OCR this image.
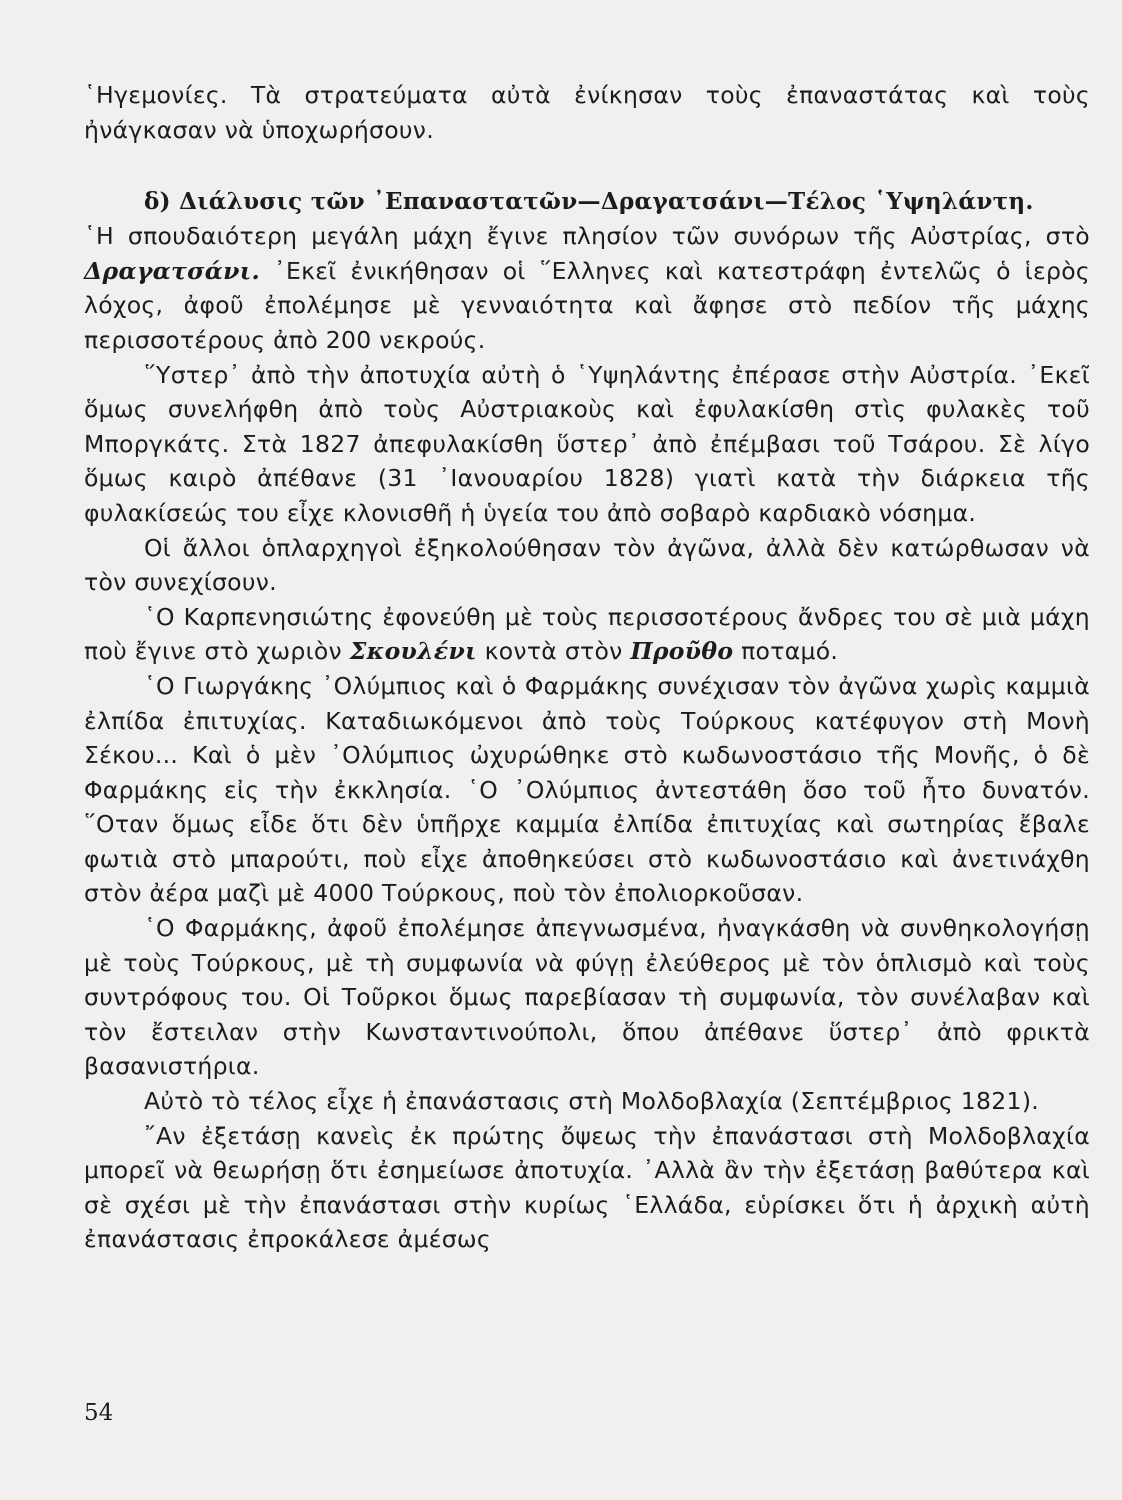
῾Ηγεμονίες. Τὰ στρατεύματα αὐτὰ ἐνίκησαν τοὺς ἐπαναστάτας καὶ τοὺς ἠνάγκασαν νὰ ὑποχωρήσουν.

δ) Διάλυσις τῶν ᾿Επαναστατῶν—Δραγατσάνι—Τέλος ῾Υψηλάντη.

῾Η σπουδαιότερη μεγάλη μάχη ἔγινε πλησίον τῶν συνόρων τῆς Αὐστρίας, στὸ Δραγατσάνι. ᾿Εκεῖ ἐνικήθησαν οἱ ῞Ελληνες καὶ κατεστράφη ἐντελῶς ὁ ἱερὸς λόχος, ἀφοῦ ἐπολέμησε μὲ γενναιότητα καὶ ἄφησε στὸ πεδίον τῆς μάχης περισσοτέρους ἀπὸ 200 νεκρούς.

῞Υστερ᾿ ἀπὸ τὴν ἀποτυχία αὐτὴ ὁ ῾Υψηλάντης ἐπέρασε στὴν Αὐστρία. ᾿Εκεῖ ὅμως συνελήφθη ἀπὸ τοὺς Αὐστριακοὺς καὶ ἐφυλακίσθη στὶς φυλακὲς τοῦ Μποργκάτς. Στὰ 1827 ἀπεφυλακίσθη ὕστερ᾿ ἀπὸ ἐπέμβασι τοῦ Τσάρου. Σὲ λίγο ὅμως καιρὸ ἀπέθανε (31 ᾿Ιανουαρίου 1828) γιατὶ κατὰ τὴν διάρκεια τῆς φυλακίσεώς του εἶχε κλονισθῆ ἡ ὑγεία του ἀπὸ σοβαρὸ καρδιακὸ νόσημα.

Οἱ ἄλλοι ὁπλαρχηγοὶ ἐξηκολούθησαν τὸν ἀγῶνα, ἀλλὰ δὲν κατώρθωσαν νὰ τὸν συνεχίσουν.

῾Ο Καρπενησιώτης ἐφονεύθη μὲ τοὺς περισσοτέρους ἄνδρες του σὲ μιὰ μάχη ποὺ ἔγινε στὸ χωριὸν Σκουλένι κοντὰ στὸν Προῦθο ποταμό.

῾Ο Γιωργάκης ᾿Ολύμπιος καὶ ὁ Φαρμάκης συνέχισαν τὸν ἀγῶνα χωρὶς καμμιὰ ἐλπίδα ἐπιτυχίας. Καταδιωκόμενοι ἀπὸ τοὺς Τούρκους κατέφυγον στὴ Μονὴ Σέκου... Καὶ ὁ μὲν ᾿Ολύμπιος ὠχυρώθηκε στὸ κωδωνοστάσιο τῆς Μονῆς, ὁ δὲ Φαρμάκης εἰς τὴν ἐκκλησία. ῾Ο ᾿Ολύμπιος ἀντεστάθη ὅσο τοῦ ἦτο δυνατόν. ῞Οταν ὅμως εἶδε ὅτι δὲν ὑπῆρχε καμμία ἐλπίδα ἐπιτυχίας καὶ σωτηρίας ἔβαλε φωτιὰ στὸ μπαρούτι, ποὺ εἶχε ἀποθηκεύσει στὸ κωδωνοστάσιο καὶ ἀνετινάχθη στὸν ἀέρα μαζὶ μὲ 4000 Τούρκους, ποὺ τὸν ἐπολιορκοῦσαν.

῾Ο Φαρμάκης, ἀφοῦ ἐπολέμησε ἀπεγνωσμένα, ἠναγκάσθη νὰ συνθηκολογήσῃ μὲ τοὺς Τούρκους, μὲ τὴ συμφωνία νὰ φύγῃ ἐλεύθερος μὲ τὸν ὁπλισμὸ καὶ τοὺς συντρόφους του. Οἱ Τοῦρκοι ὅμως παρεβίασαν τὴ συμφωνία, τὸν συνέλαβαν καὶ τὸν ἔστειλαν στὴν Κωνσταντινούπολι, ὅπου ἀπέθανε ὕστερ᾿ ἀπὸ φρικτὰ βασανιστήρια.

Αὐτὸ τὸ τέλος εἶχε ἡ ἐπανάστασις στὴ Μολδοβλαχία (Σεπτέμβριος 1821).

῎Αν ἐξετάσῃ κανεὶς ἐκ πρώτης ὄψεως τὴν ἐπανάστασι στὴ Μολδοβλαχία μπορεῖ νὰ θεωρήσῃ ὅτι ἐσημείωσε ἀποτυχία. ᾿Αλλὰ ἂν τὴν ἐξετάσῃ βαθύτερα καὶ σὲ σχέσι μὲ τὴν ἐπανάστασι στὴν κυρίως ῾Ελλάδα, εὑρίσκει ὅτι ἡ ἀρχικὴ αὐτὴ ἐπανάστασις ἐπροκάλεσε ἀμέσως

54
